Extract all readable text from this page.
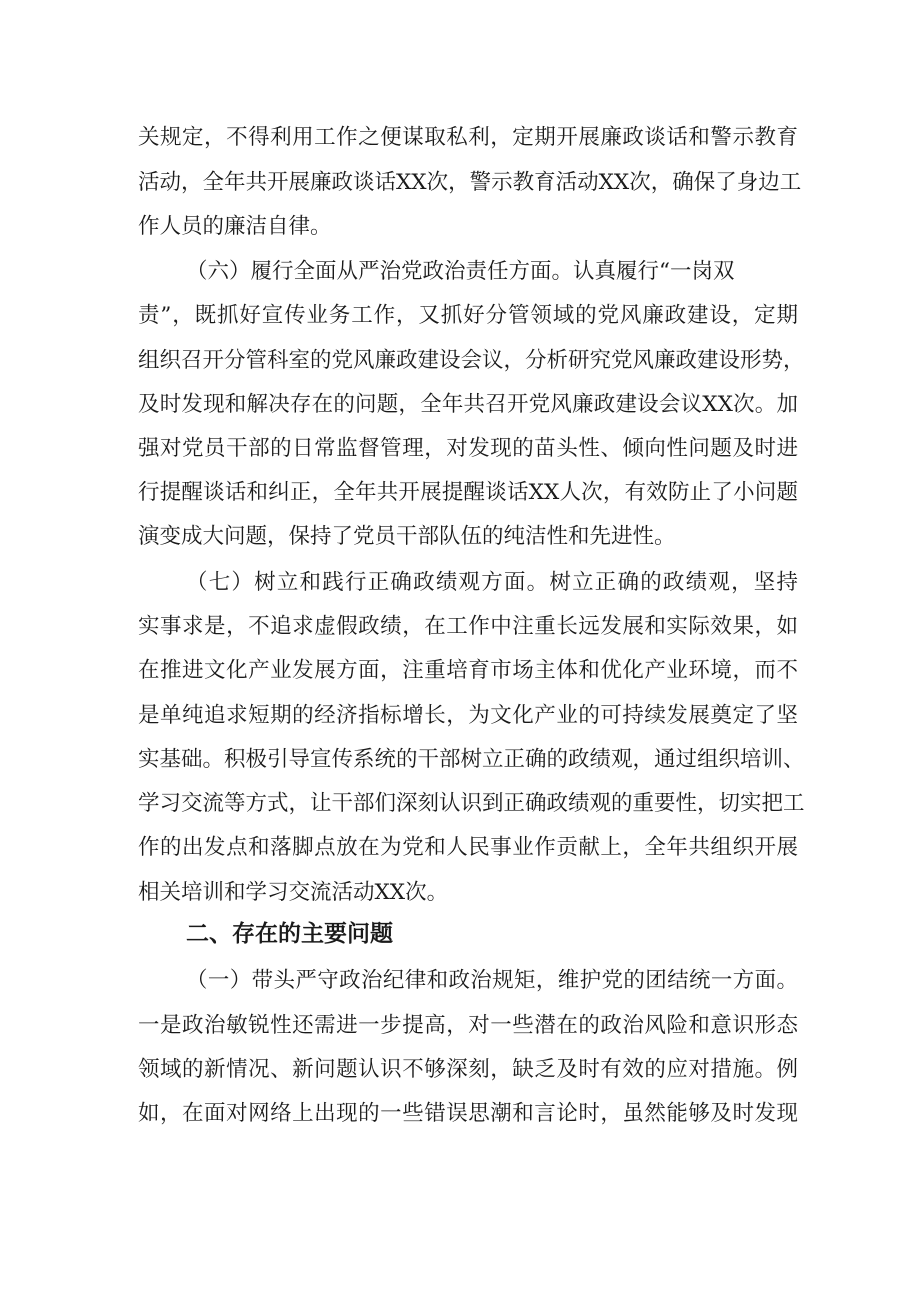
关规定，不得利用工作之便谋取私利，定期开展廉政谈话和警示教育
活动，全年共开展廉政谈话XX次，警示教育活动XX次，确保了身边工
作人员的廉洁自律。
（六）履行全面从严治党政治责任方面。认真履行“一岗双
责”，既抓好宣传业务工作，又抓好分管领域的党风廉政建设，定期
组织召开分管科室的党风廉政建设会议，分析研究党风廉政建设形势，
及时发现和解决存在的问题，全年共召开党风廉政建设会议XX次。加
强对党员干部的日常监督管理，对发现的苗头性、倾向性问题及时进
行提醒谈话和纠正，全年共开展提醒谈话XX人次，有效防止了小问题
演变成大问题，保持了党员干部队伍的纯洁性和先进性。
（七）树立和践行正确政绩观方面。树立正确的政绩观，坚持
实事求是，不追求虚假政绩，在工作中注重长远发展和实际效果，如
在推进文化产业发展方面，注重培育市场主体和优化产业环境，而不
是单纯追求短期的经济指标增长，为文化产业的可持续发展奠定了坚
实基础。积极引导宣传系统的干部树立正确的政绩观，通过组织培训、
学习交流等方式，让干部们深刻认识到正确政绩观的重要性，切实把工
作的出发点和落脚点放在为党和人民事业作贡献上，全年共组织开展
相关培训和学习交流活动XX次。
二、存在的主要问题
（一）带头严守政治纪律和政治规矩，维护党的团结统一方面。
一是政治敏锐性还需进一步提高，对一些潜在的政治风险和意识形态
领域的新情况、新问题认识不够深刻，缺乏及时有效的应对措施。例
如，在面对网络上出现的一些错误思潮和言论时，虽然能够及时发现
